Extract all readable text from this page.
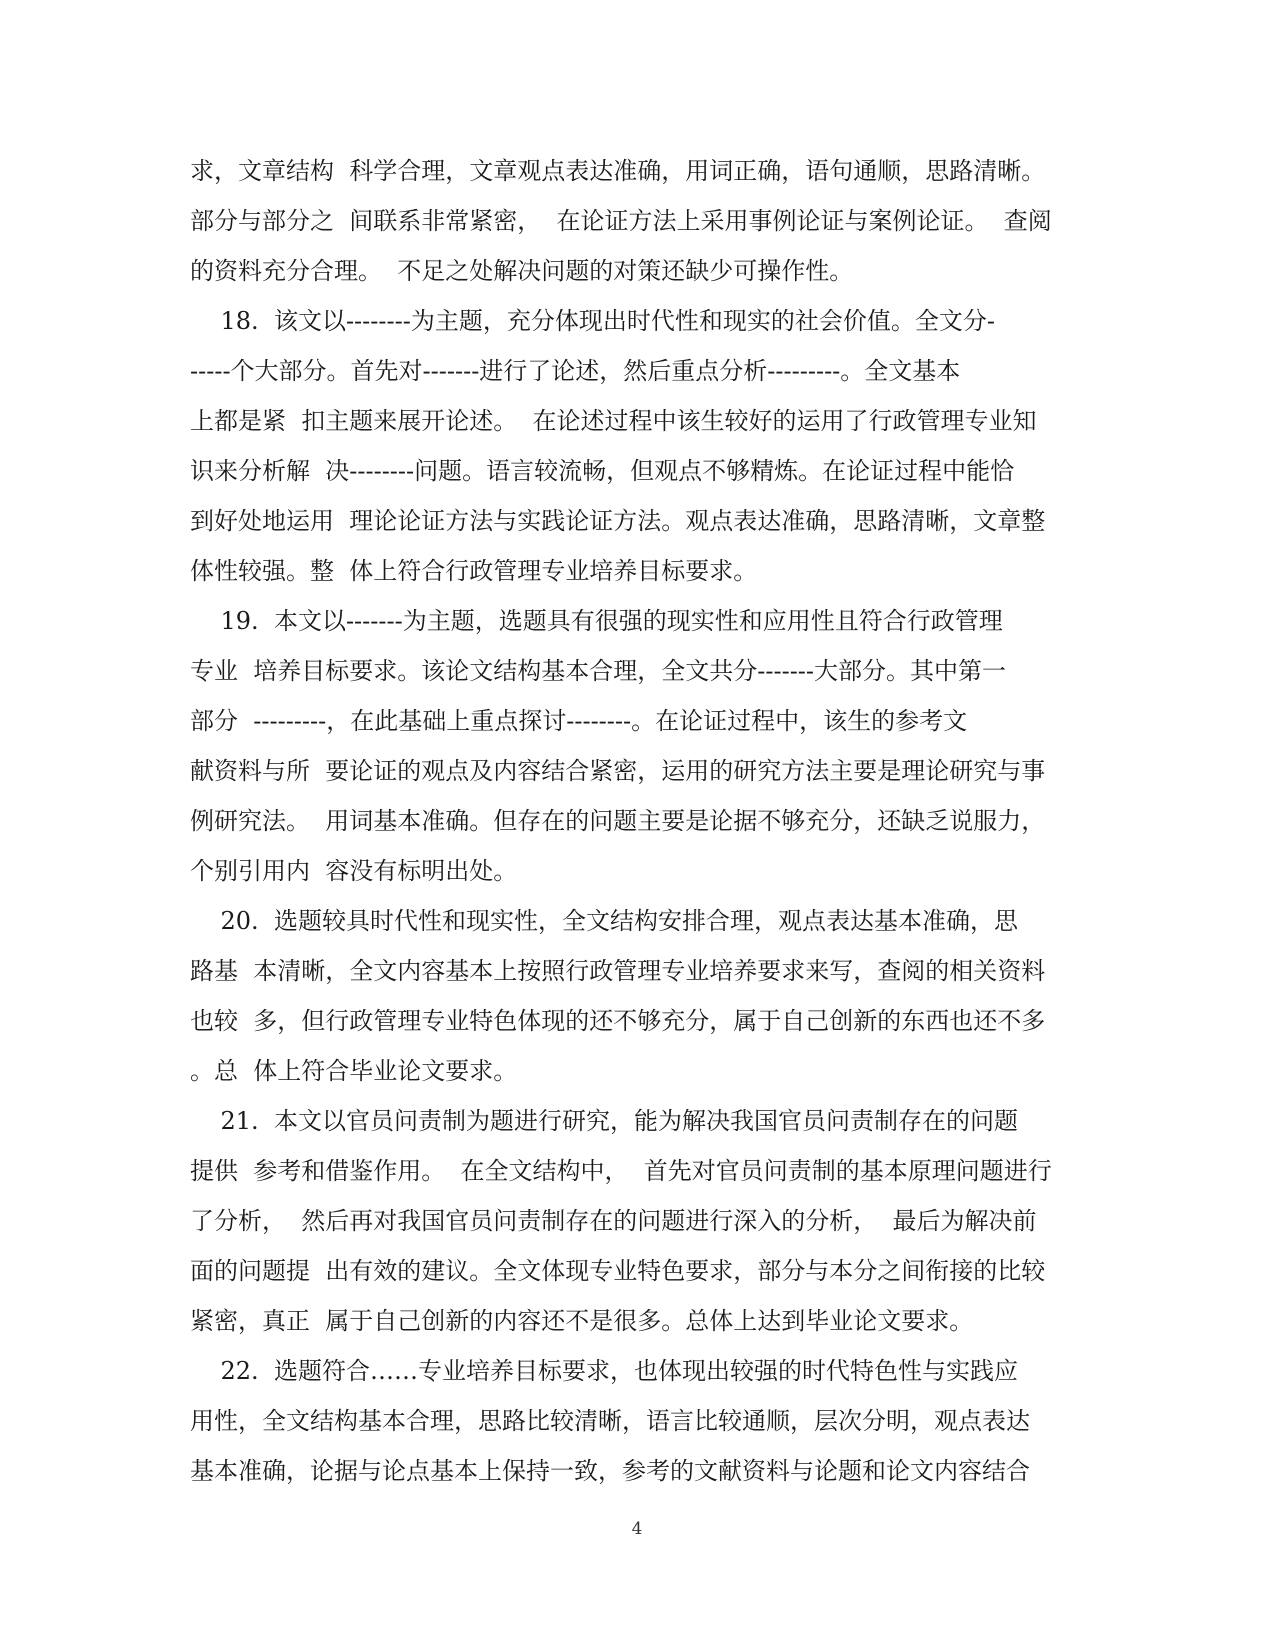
求，文章结构  科学合理，文章观点表达准确，用词正确，语句通顺，思路清晰。
部分与部分之  间联系非常紧密，  在论证方法上采用事例论证与案例论证。  查阅
的资料充分合理。  不足之处解决问题的对策还缺少可操作性。
18.  该文以--------为主题，充分体现出时代性和现实的社会价值。全文分-
-----个大部分。首先对-------进行了论述，然后重点分析---------。全文基本
上都是紧  扣主题来展开论述。  在论述过程中该生较好的运用了行政管理专业知
识来分析解  决--------问题。语言较流畅，但观点不够精炼。在论证过程中能恰
到好处地运用  理论论证方法与实践论证方法。观点表达准确，思路清晰，文章整
体性较强。整  体上符合行政管理专业培养目标要求。
19.  本文以-------为主题，选题具有很强的现实性和应用性且符合行政管理
专业  培养目标要求。该论文结构基本合理，全文共分-------大部分。其中第一
部分  ---------，在此基础上重点探讨--------。在论证过程中，该生的参考文
献资料与所  要论证的观点及内容结合紧密，运用的研究方法主要是理论研究与事
例研究法。  用词基本准确。但存在的问题主要是论据不够充分，还缺乏说服力，
个别引用内  容没有标明出处。
20.  选题较具时代性和现实性，全文结构安排合理，观点表达基本准确，思
路基  本清晰，全文内容基本上按照行政管理专业培养要求来写，查阅的相关资料
也较  多，但行政管理专业特色体现的还不够充分，属于自己创新的东西也还不多
。总  体上符合毕业论文要求。
21.  本文以官员问责制为题进行研究，能为解决我国官员问责制存在的问题
提供  参考和借鉴作用。  在全文结构中，  首先对官员问责制的基本原理问题进行
了分析，  然后再对我国官员问责制存在的问题进行深入的分析，  最后为解决前
面的问题提  出有效的建议。全文体现专业特色要求，部分与本分之间衔接的比较
紧密，真正  属于自己创新的内容还不是很多。总体上达到毕业论文要求。
22.  选题符合……专业培养目标要求，也体现出较强的时代特色性与实践应
用性，全文结构基本合理，思路比较清晰，语言比较通顺，层次分明，观点表达
基本准确，论据与论点基本上保持一致，参考的文献资料与论题和论文内容结合
4
